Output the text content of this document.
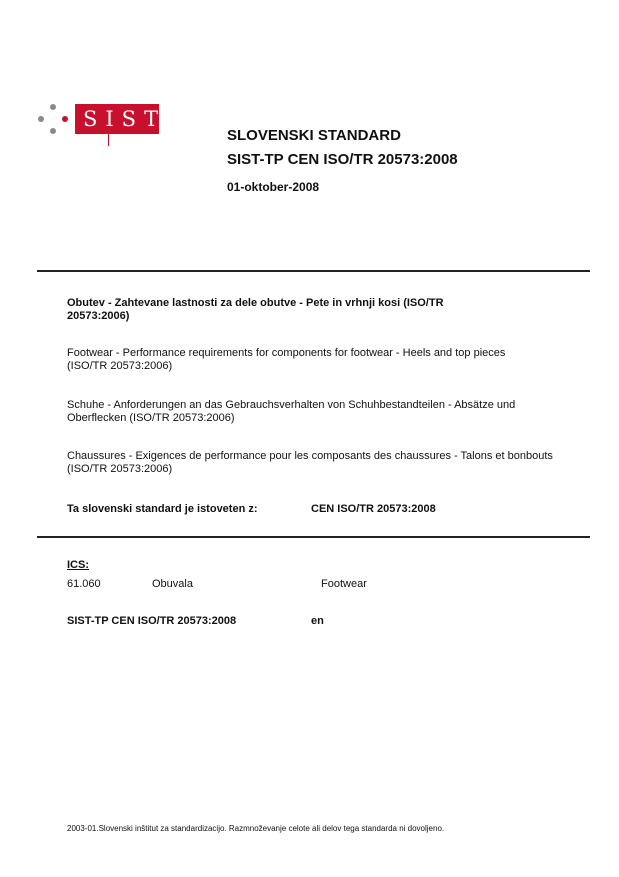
SIST
SLOVENSKI STANDARD
SIST-TP CEN ISO/TR 20573:2008
01-oktober-2008
Obutev - Zahtevane lastnosti za dele obutve - Pete in vrhnji kosi (ISO/TR 20573:2006)
Footwear - Performance requirements for components for footwear - Heels and top pieces (ISO/TR 20573:2006)
Schuhe - Anforderungen an das Gebrauchsverhalten von Schuhbestandteilen - Absätze und Oberflecken (ISO/TR 20573:2006)
Chaussures - Exigences de performance pour les composants des chaussures - Talons et bonbouts (ISO/TR 20573:2006)
Ta slovenski standard je istoveten z:	CEN ISO/TR 20573:2008
ICS:
61.060	Obuvala	Footwear
SIST-TP CEN ISO/TR 20573:2008	en
2003-01.Slovenski inštitut za standardizacijo. Razmnoževanje celote ali delov tega standarda ni dovoljeno.
